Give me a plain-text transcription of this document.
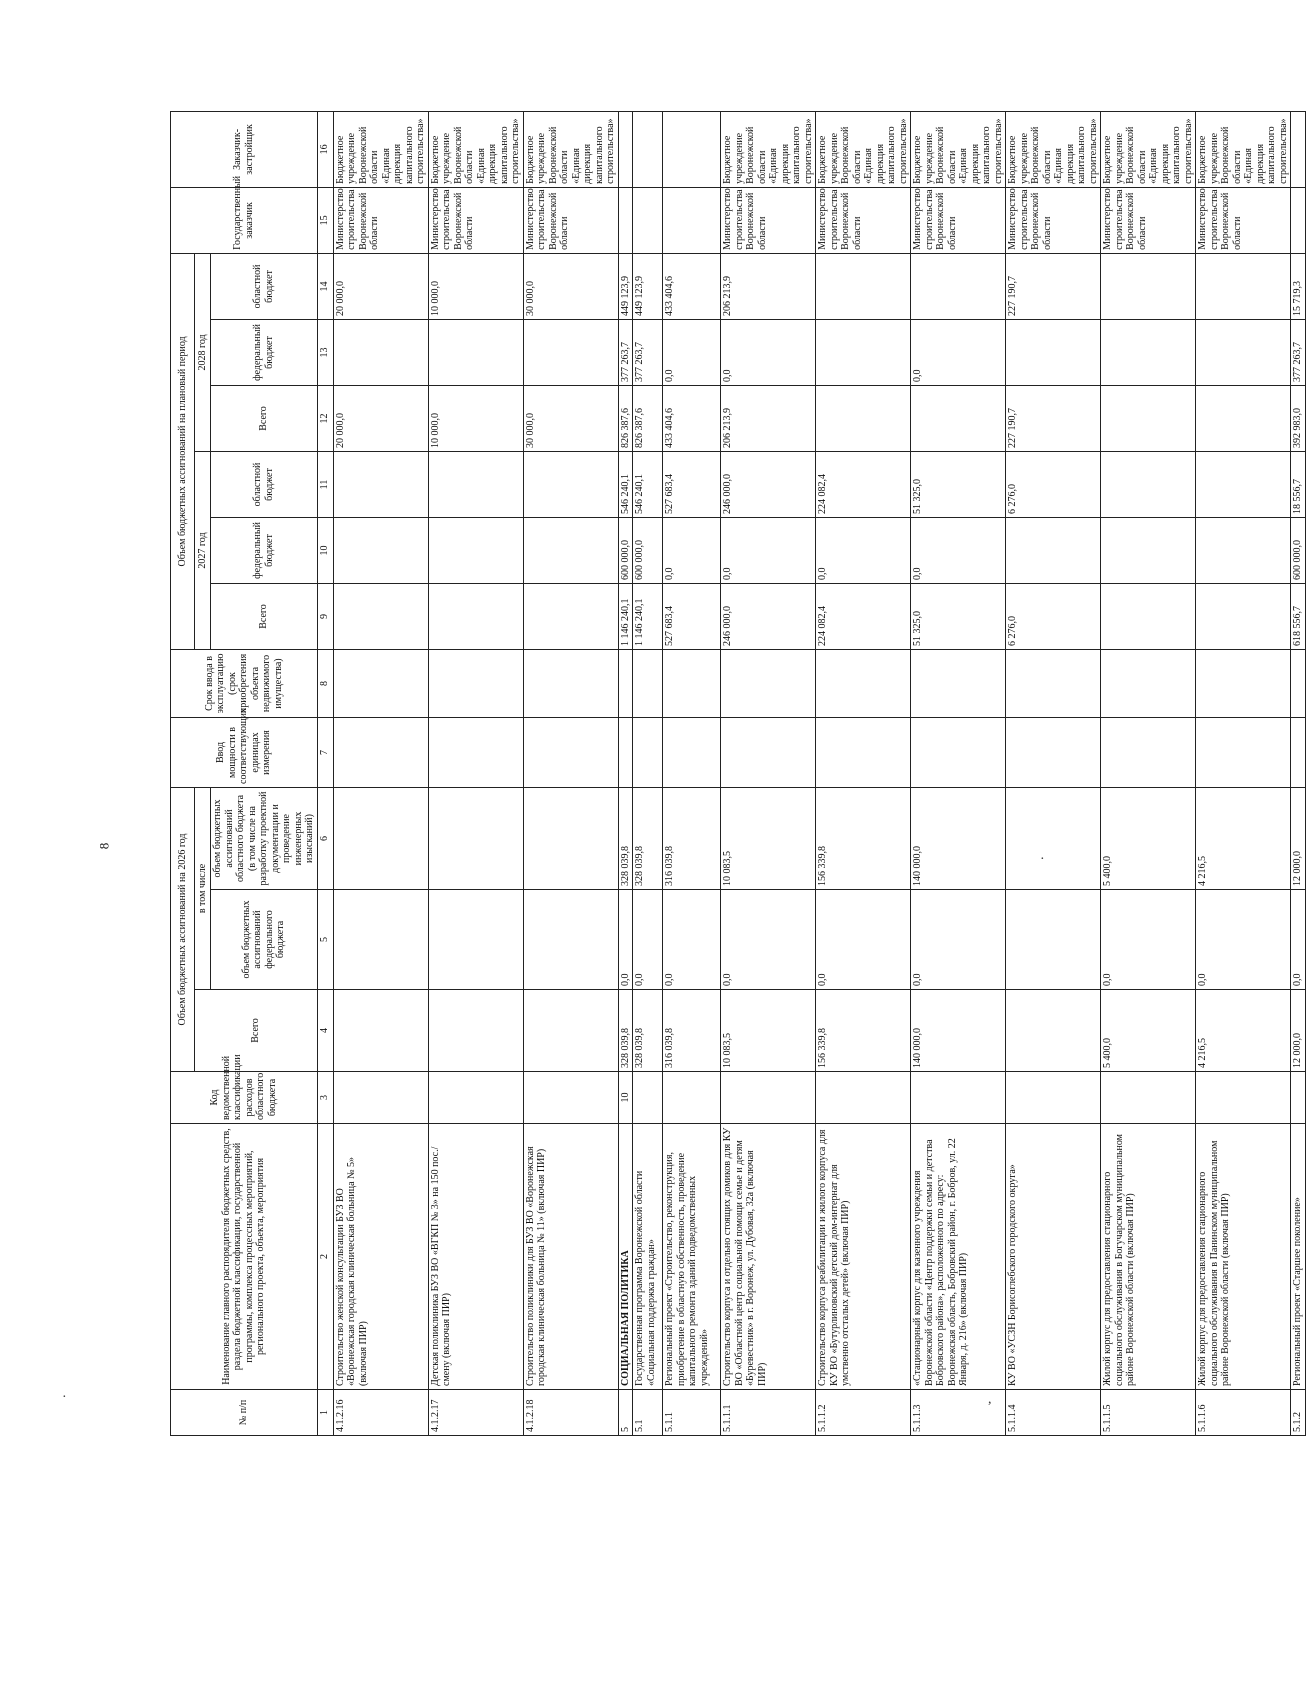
8
·
·
,
№ п/п	Наименование главного распорядителя бюджетных средств, раздела бюджетной классификации, государственной программы, комплекса процессных мероприятий, регионального проекта, объекта, мероприятия	Код ведомственной классификации расходов областного бюджета	Объем бюджетных ассигнований на 2026 год			Ввод мощности в соответствующих единицах измерения	Срок ввода в эксплуатацию (срок приобретения объекта недвижимого имущества)	Объем бюджетных ассигнований на плановый период						Государственный заказчик	Заказчик-застройщик
			Всего	в том числе				2027 год			2028 год				
				объем бюджетных ассигнований федерального бюджета	объем бюджетных ассигнований областного бюджета (в том числе на разработку проектной документации и проведение инженерных изысканий)			Всего	федеральный бюджет	областной бюджет	Всего	федеральный бюджет	областной бюджет		

1	2	3	4	5	6	7	8	9	10	11	12	13	14	15	16
4.1.2.16	Строительство женской консультации БУЗ ВО «Воронежская городская клиническая больница № 5» (включая ПИР)										20 000,0		20 000,0	Министерство строительства Воронежской области	Бюджетное учреждение Воронежской области «Единая дирекция капитального строительства»
4.1.2.17	Детская поликлиника БУЗ ВО «ВГКП № 3» на 150 пос./смену (включая ПИР)										10 000,0		10 000,0	Министерство строительства Воронежской области	Бюджетное учреждение Воронежской области «Единая дирекция капитального строительства»
4.1.2.18	Строительство поликлиники для БУЗ ВО «Воронежская городская клиническая больница № 11» (включая ПИР)										30 000,0		30 000,0	Министерство строительства Воронежской области	Бюджетное учреждение Воронежской области «Единая дирекция капитального строительства»
5	СОЦИАЛЬНАЯ ПОЛИТИКА	10	328 039,8	0,0	328 039,8			1 146 240,1	600 000,0	546 240,1	826 387,6	377 263,7	449 123,9		
5.1	Государственная программа Воронежской области «Социальная поддержка граждан»		328 039,8	0,0	328 039,8			1 146 240,1	600 000,0	546 240,1	826 387,6	377 263,7	449 123,9		
5.1.1	Региональный проект «Строительство, реконструкция, приобретение в областную собственность, проведение капитального ремонта зданий подведомственных учреждений»		316 039,8	0,0	316 039,8			527 683,4	0,0	527 683,4	433 404,6	0,0	433 404,6		
5.1.1.1	Строительство корпуса и отдельно стоящих домиков для КУ ВО «Областной центр социальной помощи семье и детям «Буревестник» в г. Воронеж, ул. Дубовая, 32а (включая ПИР)		10 083,5	0,0	10 083,5			246 000,0	0,0	246 000,0	206 213,9	0,0	206 213,9	Министерство строительства Воронежской области	Бюджетное учреждение Воронежской области «Единая дирекция капитального строительства»
5.1.1.2	Строительство корпуса реабилитации и жилого корпуса для КУ ВО «Бутурлиновский детский дом-интернат для умственно отсталых детей» (включая ПИР)		156 339,8	0,0	156 339,8			224 082,4	0,0	224 082,4				Министерство строительства Воронежской области	Бюджетное учреждение Воронежской области «Единая дирекция капитального строительства»
5.1.1.3	«Стационарный корпус для казенного учреждения Воронежской области «Центр поддержки семьи и детства Бобровского района», расположенного по адресу: Воронежская область, Бобровский район, г. Бобров, ул. 22 Января, д. 216» (включая ПИР)		140 000,0	0,0	140 000,0			51 325,0	0,0	51 325,0		0,0		Министерство строительства Воронежской области	Бюджетное учреждение Воронежской области «Единая дирекция капитального строительства»
5.1.1.4	КУ ВО «УСЗН Борисоглебского городского округа»							6 276,0		6 276,0	227 190,7		227 190,7	Министерство строительства Воронежской области	Бюджетное учреждение Воронежской области «Единая дирекция капитального строительства»
5.1.1.5	Жилой корпус для предоставления стационарного социального обслуживания в Богучарском муниципальном районе Воронежской области (включая ПИР)		5 400,0	0,0	5 400,0									Министерство строительства Воронежской области	Бюджетное учреждение Воронежской области «Единая дирекция капитального строительства»
5.1.1.6	Жилой корпус для предоставления стационарного социального обслуживания в Панинском муниципальном районе Воронежской области (включая ПИР)		4 216,5	0,0	4 216,5									Министерство строительства Воронежской области	Бюджетное учреждение Воронежской области «Единая дирекция капитального строительства»
5.1.2	Региональный проект «Старшее поколение»		12 000,0	0,0	12 000,0			618 556,7	600 000,0	18 556,7	392 983,0	377 263,7	15 719,3		
